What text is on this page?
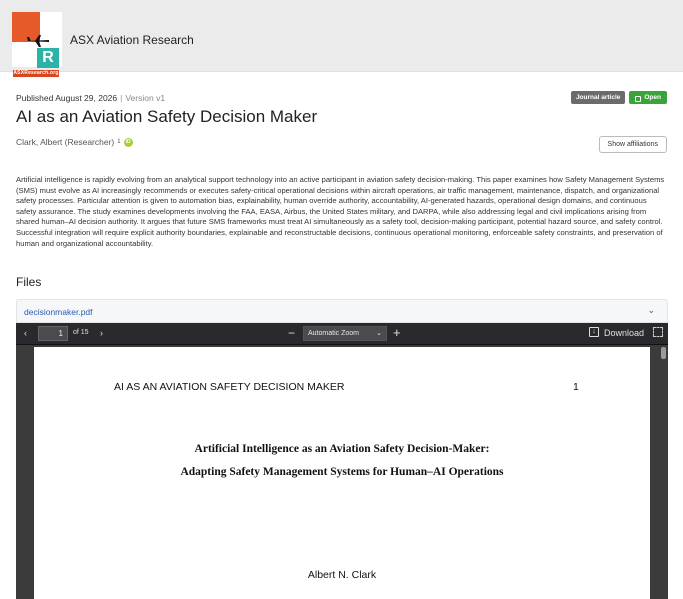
R
ASXResearch.org
ASX Aviation Research
Published August 29, 2026 | Version v1	Journal article	Open
AI as an Aviation Safety Decision Maker
Clark, Albert (Researcher) 1	iD	Show affiliations

Artificial intelligence is rapidly evolving from an analytical support technology into an active participant in aviation safety decision-making. This paper examines how Safety Management Systems (SMS) must evolve as AI increasingly recommends or executes safety-critical operational decisions within aircraft operations, air traffic management, maintenance, dispatch, and organizational safety processes. Particular attention is given to automation bias, explainability, human override authority, accountability, AI-generated hazards, operational design domains, and continuous safety assurance. The study examines developments involving the FAA, EASA, Airbus, the United States military, and DARPA, while also addressing legal and civil implications arising from shared human–AI decision authority. It argues that future SMS frameworks must treat AI simultaneously as a safety tool, decision-making participant, potential hazard source, and safety control. Successful integration will require explicit authority boundaries, explainable and reconstructable decisions, continuous operational monitoring, enforceable safety constraints, and preservation of human and organizational accountability.

Files
decisionmaker.pdf	⌄
‹	1	of 15 ›	−	Automatic Zoom ⌄ +	↓ Download
AI AS AN AVIATION SAFETY DECISION MAKER	1
Artificial Intelligence as an Aviation Safety Decision-Maker:
Adapting Safety Management Systems for Human–AI Operations
Albert N. Clark
